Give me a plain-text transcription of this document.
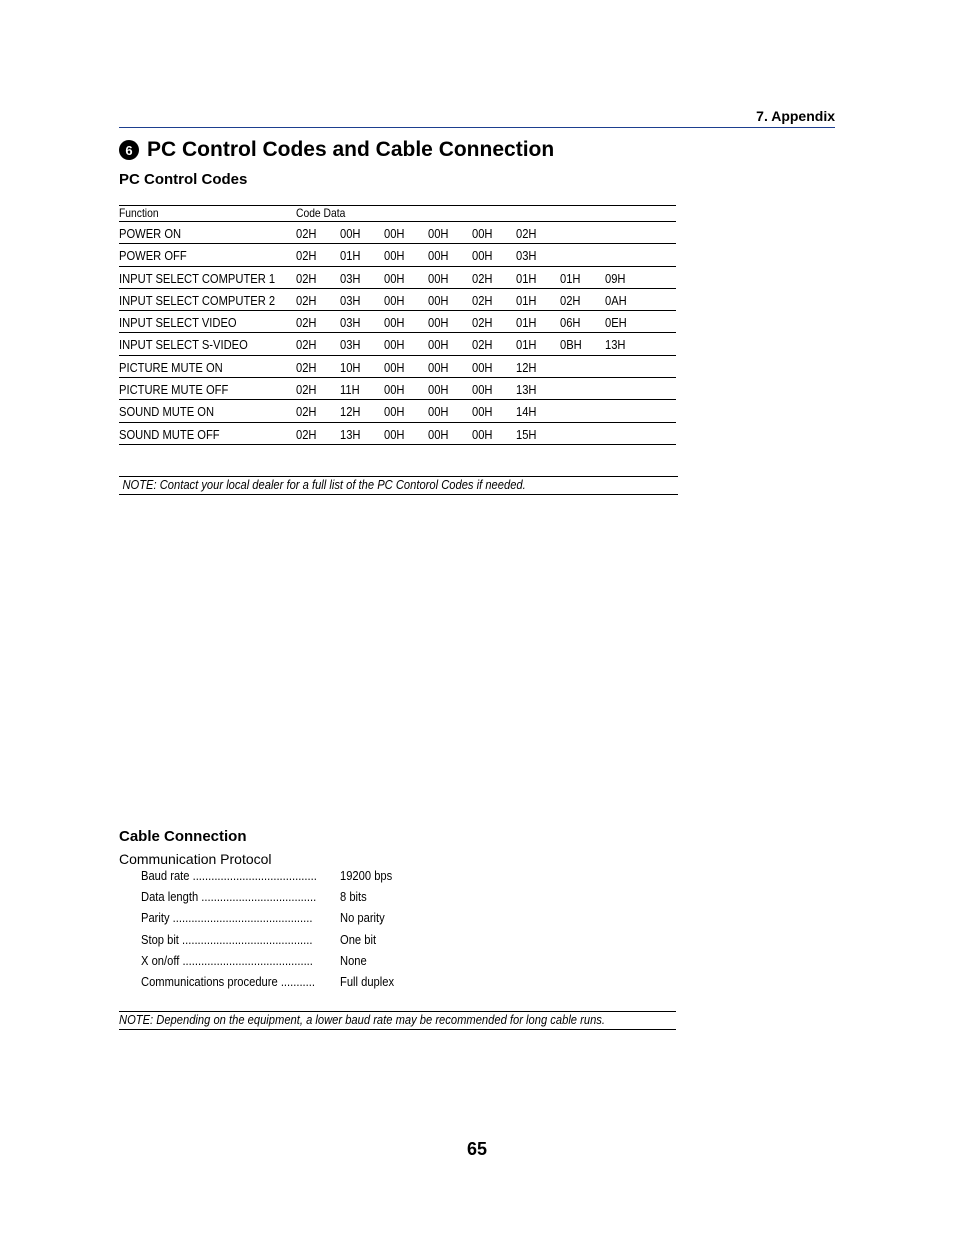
7. Appendix
6 PC Control Codes and Cable Connection
PC Control Codes
Function	Code Data
POWER ON	02H 00H 00H 00H 00H 02H
POWER OFF	02H 01H 00H 00H 00H 03H
INPUT SELECT COMPUTER 1 02H 03H 00H 00H 02H 01H 01H 09H
INPUT SELECT COMPUTER 2 02H 03H 00H 00H 02H 01H 02H 0AH
INPUT SELECT VIDEO	02H 03H 00H 00H 02H 01H 06H 0EH
INPUT SELECT S-VIDEO	02H 03H 00H 00H 02H 01H 0BH 13H
PICTURE MUTE ON	02H 10H 00H 00H 00H 12H
PICTURE MUTE OFF	02H 11H 00H 00H 00H 13H
SOUND MUTE ON	02H 12H 00H 00H 00H 14H
SOUND MUTE OFF	02H 13H 00H 00H 00H 15H
NOTE: Contact your local dealer for a full list of the PC Contorol Codes if needed.
Cable Connection
Communication Protocol
Baud rate ........................................ 19200 bps
Data length ..................................... 8 bits
Parity ............................................. No parity
Stop bit .......................................... One bit
X on/off .......................................... None
Communications procedure ........... Full duplex
NOTE: Depending on the equipment, a lower baud rate may be recommended for long cable runs.
65
